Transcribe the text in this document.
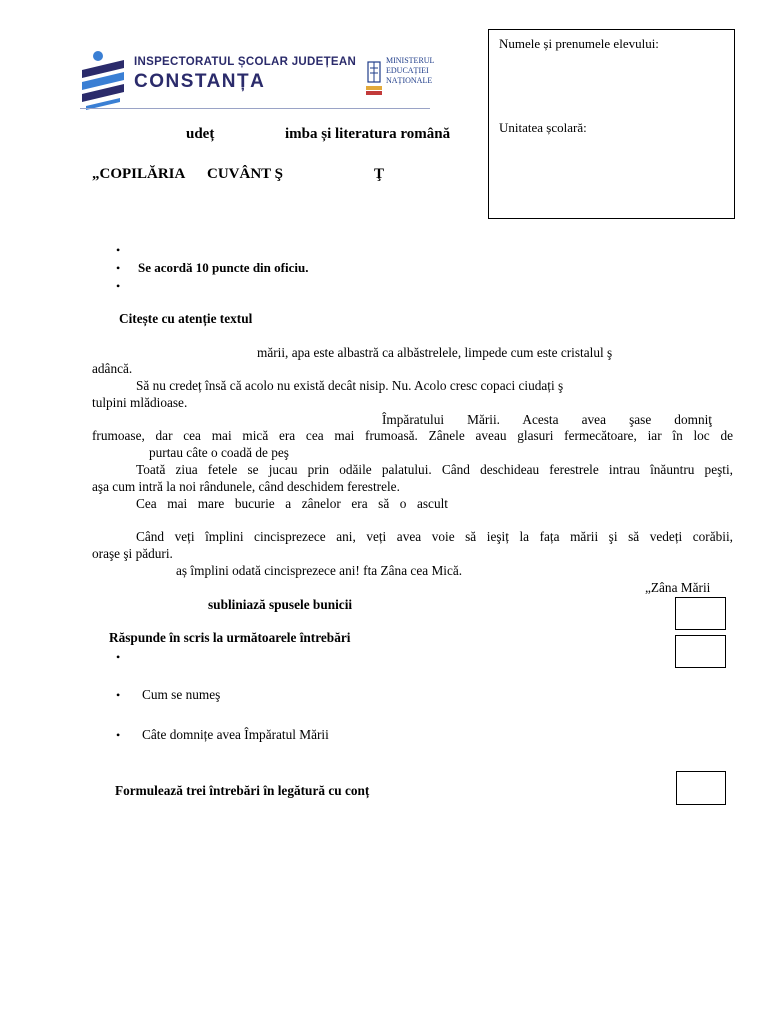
INSPECTORATUL ȘCOLAR JUDEȚEAN
CONSTANȚA
MINISTERUL
EDUCAȚIEI
NAȚIONALE
Numele și prenumele elevului:
Unitatea școlară:
udeț	imba și literatura română
„COPILĂRIA CUVÂNT Ş	Ţ
•
• Se acordă 10 puncte din oficiu.
•
Citește cu atenție textul
mării, apa este albastră ca albăstrelele, limpede cum este cristalul ş
adâncă.
Să nu credeț însă că acolo nu există decât nisip. Nu. Acolo cresc copaci ciudați ş
tulpini mlădioase.
Împăratului Mării. Acesta avea şase domniţ
frumoase, dar cea mai mică era cea mai frumoasă. Zânele aveau glasuri fermecătoare, iar în loc de
purtau câte o coadă de peş
Toată ziua fetele se jucau prin odăile palatului. Când deschideau ferestrele intrau înăuntru peşti,
aşa cum intră la noi rândunele, când deschidem ferestrele.
Cea mai mare bucurie a zânelor era să o ascult
Când veți împlini cincisprezece ani, veți avea voie să ieşiț la fața mării şi să vedeți corăbii,
oraşe şi păduri.
aș împlini odată cincisprezece ani! fta Zâna cea Mică.
„Zâna Mării
subliniază spusele bunicii
Răspunde în scris la următoarele întrebări
•
• Cum se numeş
• Câte domnițe avea Împăratul Mării
Formulează trei întrebări în legătură cu conț
